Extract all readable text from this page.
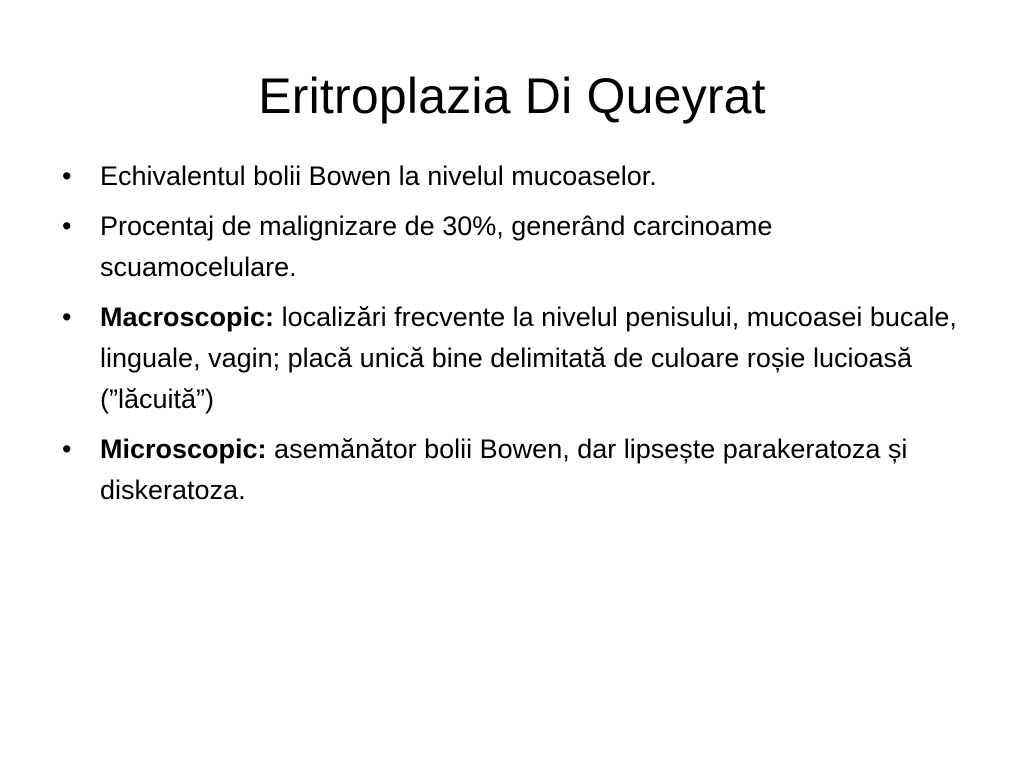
Eritroplazia Di Queyrat
•	Echivalentul bolii Bowen la nivelul mucoaselor.
•	Procentaj de malignizare de 30%, generând carcinoame scuamocelulare.
•	Macroscopic: localizări frecvente la nivelul penisului, mucoasei bucale, linguale, vagin; placă unică bine delimitată de culoare roșie lucioasă (”lăcuită”)
•	Microscopic: asemănător bolii Bowen, dar lipsește parakeratoza și diskeratoza.
